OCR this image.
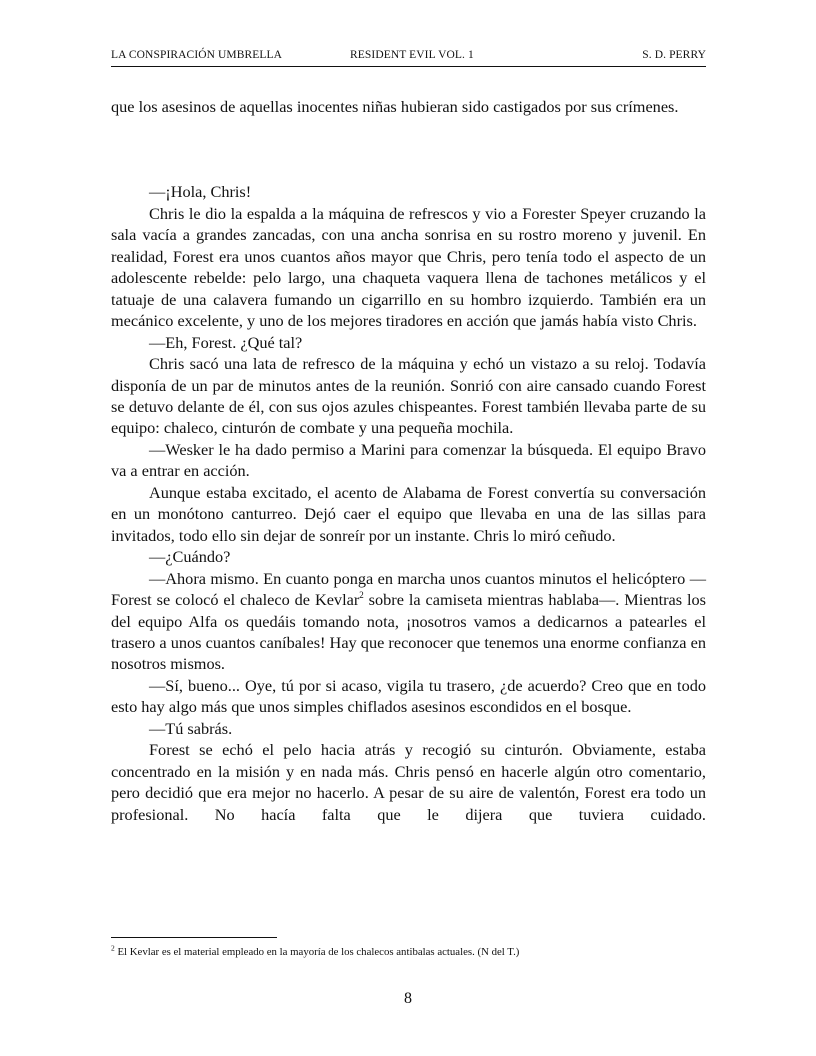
LA CONSPIRACIÓN UMBRELLA	RESIDENT EVIL VOL. 1	S. D. PERRY

que los asesinos de aquellas inocentes niñas hubieran sido castigados por sus crímenes.

—¡Hola, Chris!

Chris le dio la espalda a la máquina de refrescos y vio a Forester Speyer cruzando la sala vacía a grandes zancadas, con una ancha sonrisa en su rostro moreno y juvenil. En realidad, Forest era unos cuantos años mayor que Chris, pero tenía todo el aspecto de un adolescente rebelde: pelo largo, una chaqueta vaquera llena de tachones metálicos y el tatuaje de una calavera fumando un cigarrillo en su hombro izquierdo. También era un mecánico excelente, y uno de los mejores tiradores en acción que jamás había visto Chris.

—Eh, Forest. ¿Qué tal?

Chris sacó una lata de refresco de la máquina y echó un vistazo a su reloj. Todavía disponía de un par de minutos antes de la reunión. Sonrió con aire cansado cuando Forest se detuvo delante de él, con sus ojos azules chispeantes. Forest también llevaba parte de su equipo: chaleco, cinturón de combate y una pequeña mochila.

—Wesker le ha dado permiso a Marini para comenzar la búsqueda. El equipo Bravo va a entrar en acción.

Aunque estaba excitado, el acento de Alabama de Forest convertía su conversación en un monótono canturreo. Dejó caer el equipo que llevaba en una de las sillas para invitados, todo ello sin dejar de sonreír por un instante. Chris lo miró ceñudo.

—¿Cuándo?

—Ahora mismo. En cuanto ponga en marcha unos cuantos minutos el helicóptero —Forest se colocó el chaleco de Kevlar$^2$ sobre la camiseta mientras hablaba—. Mientras los del equipo Alfa os quedáis tomando nota, ¡nosotros vamos a dedicarnos a patearles el trasero a unos cuantos caníbales! Hay que reconocer que tenemos una enorme confianza en nosotros mismos.

—Sí, bueno... Oye, tú por si acaso, vigila tu trasero, ¿de acuerdo? Creo que en todo esto hay algo más que unos simples chiflados asesinos escondidos en el bosque.

—Tú sabrás.

Forest se echó el pelo hacia atrás y recogió su cinturón. Obviamente, estaba concentrado en la misión y en nada más. Chris pensó en hacerle algún otro comentario, pero decidió que era mejor no hacerlo. A pesar de su aire de valentón, Forest era todo un profesional. No hacía falta que le dijera que tuviera cuidado.

$^2$ El Kevlar es el material empleado en la mayoría de los chalecos antibalas actuales. (N del T.)
8
